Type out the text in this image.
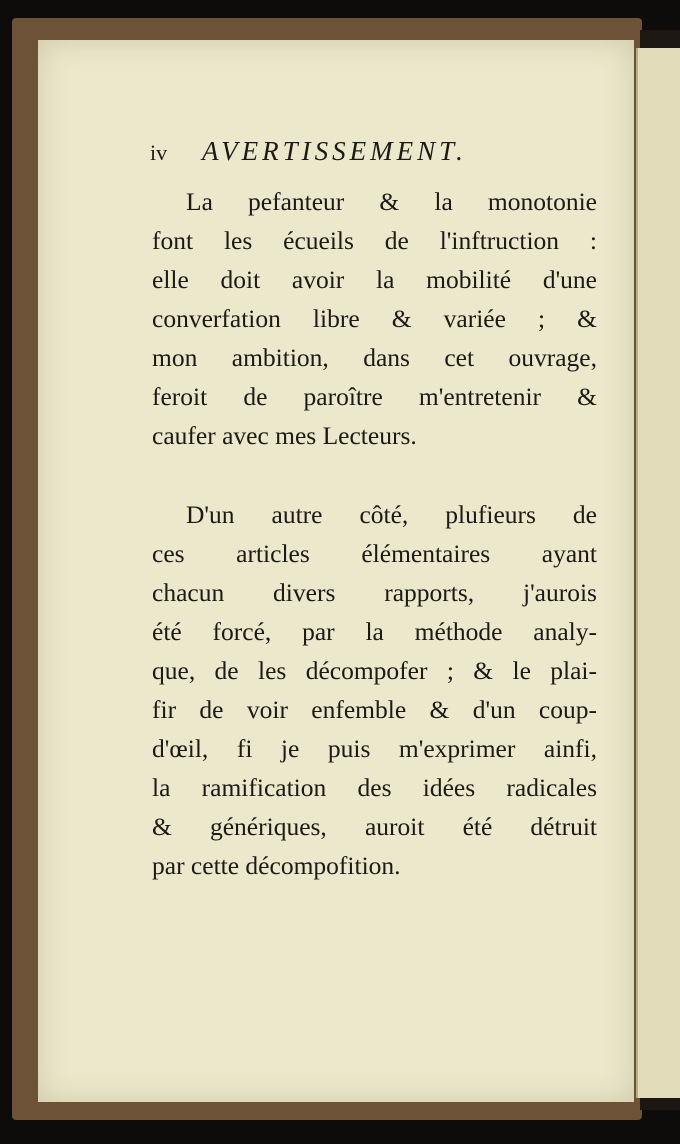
iv	AVERTISSEMENT.
La pefanteur & la monotonie
font les écueils de l'inftruction :
elle doit avoir la mobilité d'une
converfation libre & variée ; &
mon ambition, dans cet ouvrage,
feroit de paroître m'entretenir &
caufer avec mes Lecteurs.
D'un autre côté, plufieurs de
ces articles élémentaires ayant
chacun divers rapports, j'aurois
été forcé, par la méthode analy-
que, de les décompofer ; & le plai-
fir de voir enfemble & d'un coup-
d'œil, fi je puis m'exprimer ainfi,
la ramification des idées radicales
& génériques, auroit été détruit
par cette décompofition.
